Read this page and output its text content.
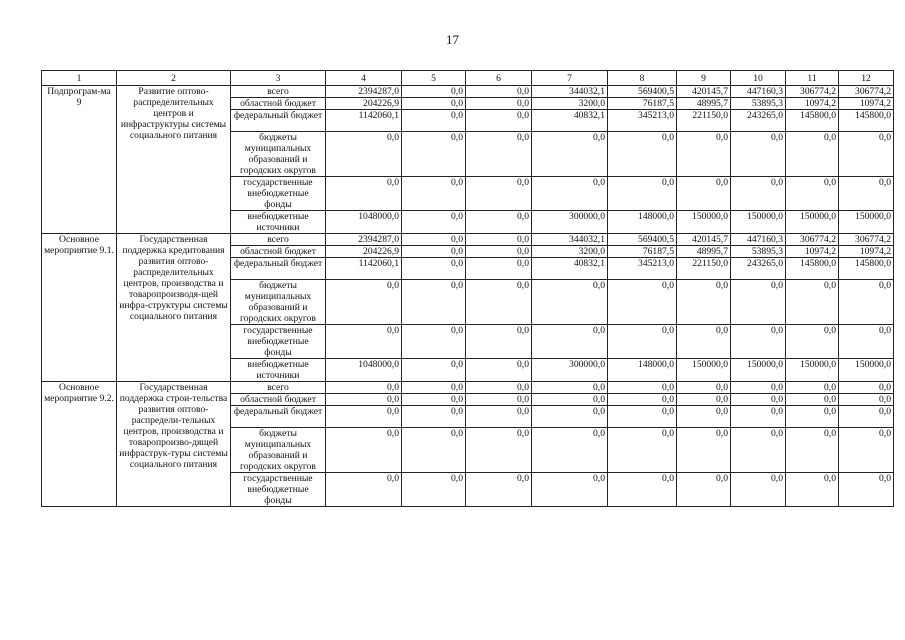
17
1	2	3	4	5	6	7	8	9	10	11	12
Подпрограм-ма 9	Развитие оптово-распределительных центров и инфраструктуры системы социального питания	всего	2394287,0	0,0	0,0	344032,1	569400,5	420145,7	447160,3	306774,2	306774,2
		областной бюджет	204226,9	0,0	0,0	3200,0	76187,5	48995,7	53895,3	10974,2	10974,2
		федеральный бюджет	1142060,1	0,0	0,0	40832,1	345213,0	221150,0	243265,0	145800,0	145800,0
		бюджеты муниципальных образований и городских округов	0,0	0,0	0,0	0,0	0,0	0,0	0,0	0,0	0,0
		государственные внебюджетные фонды	0,0	0,0	0,0	0,0	0,0	0,0	0,0	0,0	0,0
		внебюджетные источники	1048000,0	0,0	0,0	300000,0	148000,0	150000,0	150000,0	150000,0	150000,0
Основное мероприятие 9.1.	Государственная поддержка кредитования развития оптово-распределительных центров, производства и товаропроизводя-щей инфра-структуры системы социального питания	всего	2394287,0	0,0	0,0	344032,1	569400,5	420145,7	447160,3	306774,2	306774,2
		областной бюджет	204226,9	0,0	0,0	3200,0	76187,5	48995,7	53895,3	10974,2	10974,2
		федеральный бюджет	1142060,1	0,0	0,0	40832,1	345213,0	221150,0	243265,0	145800,0	145800,0
		бюджеты муниципальных образований и городских округов	0,0	0,0	0,0	0,0	0,0	0,0	0,0	0,0	0,0
		государственные внебюджетные фонды	0,0	0,0	0,0	0,0	0,0	0,0	0,0	0,0	0,0
		внебюджетные источники	1048000,0	0,0	0,0	300000,0	148000,0	150000,0	150000,0	150000,0	150000,0
Основное мероприятие 9.2.	Государственная поддержка строи-тельства развития оптово-распредели-тельных центров, производства и товаропроизво-дящей инфраструк-туры системы социального питания	всего	0,0	0,0	0,0	0,0	0,0	0,0	0,0	0,0	0,0
		областной бюджет	0,0	0,0	0,0	0,0	0,0	0,0	0,0	0,0	0,0
		федеральный бюджет	0,0	0,0	0,0	0,0	0,0	0,0	0,0	0,0	0,0
		бюджеты муниципальных образований и городских округов	0,0	0,0	0,0	0,0	0,0	0,0	0,0	0,0	0,0
		государственные внебюджетные фонды	0,0	0,0	0,0	0,0	0,0	0,0	0,0	0,0	0,0
